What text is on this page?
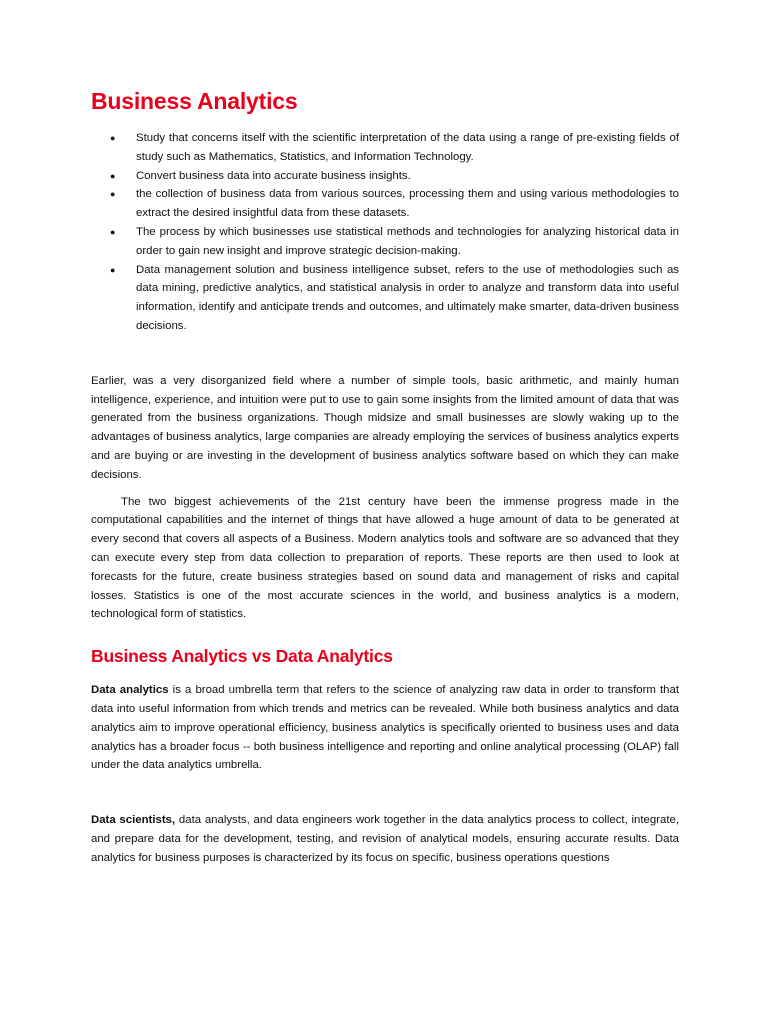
Business Analytics
● Study that concerns itself with the scientific interpretation of the data using a range of pre-existing fields of study such as Mathematics, Statistics, and Information Technology.
● Convert business data into accurate business insights.
● the collection of business data from various sources, processing them and using various methodologies to extract the desired insightful data from these datasets.
● The process by which businesses use statistical methods and technologies for analyzing historical data in order to gain new insight and improve strategic decision-making.
● Data management solution and business intelligence subset, refers to the use of methodologies such as data mining, predictive analytics, and statistical analysis in order to analyze and transform data into useful information, identify and anticipate trends and outcomes, and ultimately make smarter, data-driven business decisions.

Earlier, was a very disorganized field where a number of simple tools, basic arithmetic, and mainly human intelligence, experience, and intuition were put to use to gain some insights from the limited amount of data that was generated from the business organizations. Though midsize and small businesses are slowly waking up to the advantages of business analytics, large companies are already employing the services of business analytics experts and are buying or are investing in the development of business analytics software based on which they can make decisions.

The two biggest achievements of the 21st century have been the immense progress made in the computational capabilities and the internet of things that have allowed a huge amount of data to be generated at every second that covers all aspects of a Business. Modern analytics tools and software are so advanced that they can execute every step from data collection to preparation of reports. These reports are then used to look at forecasts for the future, create business strategies based on sound data and management of risks and capital losses. Statistics is one of the most accurate sciences in the world, and business analytics is a modern, technological form of statistics.

Business Analytics vs Data Analytics

Data analytics is a broad umbrella term that refers to the science of analyzing raw data in order to transform that data into useful information from which trends and metrics can be revealed. While both business analytics and data analytics aim to improve operational efficiency, business analytics is specifically oriented to business uses and data analytics has a broader focus -- both business intelligence and reporting and online analytical processing (OLAP) fall under the data analytics umbrella.

Data scientists, data analysts, and data engineers work together in the data analytics process to collect, integrate, and prepare data for the development, testing, and revision of analytical models, ensuring accurate results. Data analytics for business purposes is characterized by its focus on specific, business operations questions
